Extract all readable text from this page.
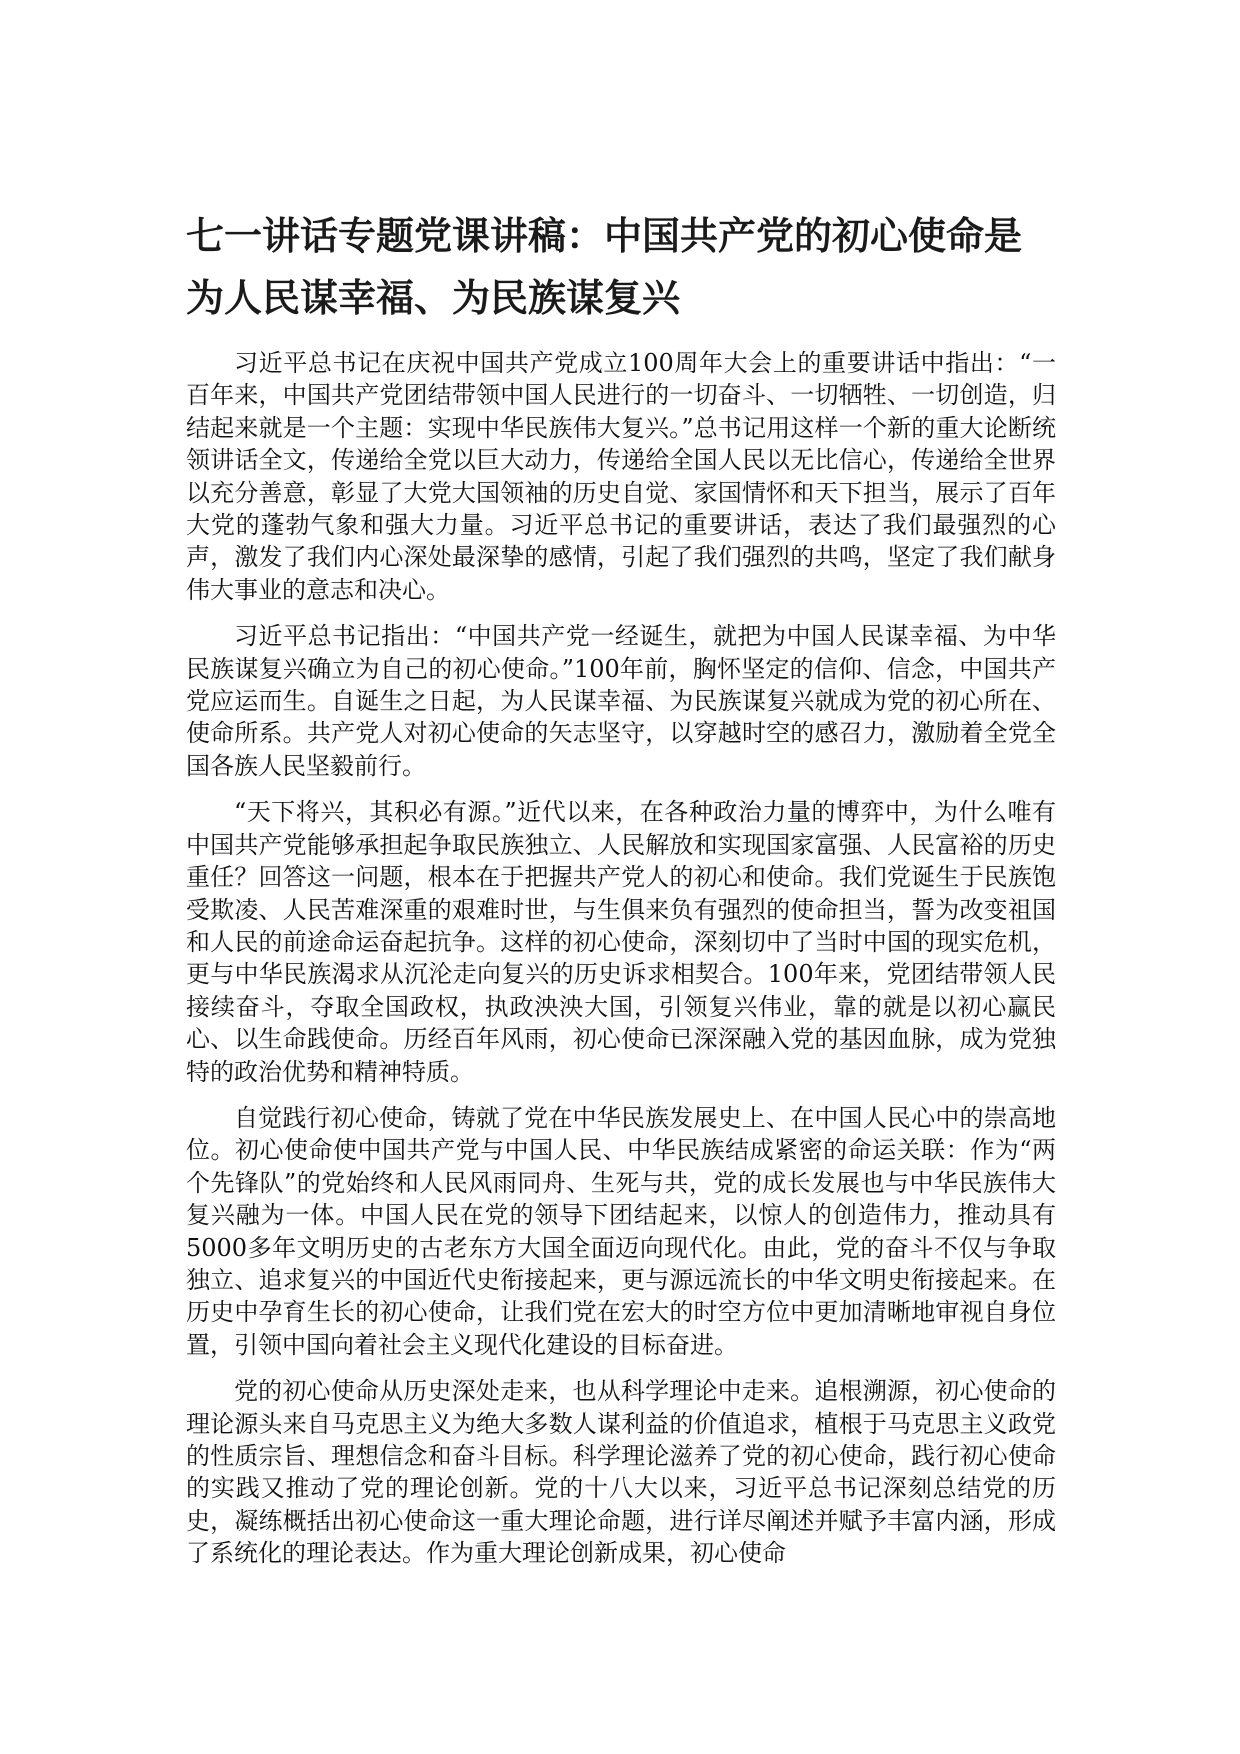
七一讲话专题党课讲稿：中国共产党的初心使命是为人民谋幸福、为民族谋复兴

习近平总书记在庆祝中国共产党成立100周年大会上的重要讲话中指出：“一百年来，中国共产党团结带领中国人民进行的一切奋斗、一切牺牲、一切创造，归结起来就是一个主题：实现中华民族伟大复兴。”总书记用这样一个新的重大论断统领讲话全文，传递给全党以巨大动力，传递给全国人民以无比信心，传递给全世界以充分善意，彰显了大党大国领袖的历史自觉、家国情怀和天下担当，展示了百年大党的蓬勃气象和强大力量。习近平总书记的重要讲话，表达了我们最强烈的心声，激发了我们内心深处最深挚的感情，引起了我们强烈的共鸣，坚定了我们献身伟大事业的意志和决心。

习近平总书记指出：“中国共产党一经诞生，就把为中国人民谋幸福、为中华民族谋复兴确立为自己的初心使命。”100年前，胸怀坚定的信仰、信念，中国共产党应运而生。自诞生之日起，为人民谋幸福、为民族谋复兴就成为党的初心所在、使命所系。共产党人对初心使命的矢志坚守，以穿越时空的感召力，激励着全党全国各族人民坚毅前行。

“天下将兴，其积必有源。”近代以来，在各种政治力量的博弈中，为什么唯有中国共产党能够承担起争取民族独立、人民解放和实现国家富强、人民富裕的历史重任？回答这一问题，根本在于把握共产党人的初心和使命。我们党诞生于民族饱受欺凌、人民苦难深重的艰难时世，与生俱来负有强烈的使命担当，誓为改变祖国和人民的前途命运奋起抗争。这样的初心使命，深刻切中了当时中国的现实危机，更与中华民族渴求从沉沦走向复兴的历史诉求相契合。100年来，党团结带领人民接续奋斗，夺取全国政权，执政泱泱大国，引领复兴伟业，靠的就是以初心赢民心、以生命践使命。历经百年风雨，初心使命已深深融入党的基因血脉，成为党独特的政治优势和精神特质。

自觉践行初心使命，铸就了党在中华民族发展史上、在中国人民心中的崇高地位。初心使命使中国共产党与中国人民、中华民族结成紧密的命运关联：作为“两个先锋队”的党始终和人民风雨同舟、生死与共，党的成长发展也与中华民族伟大复兴融为一体。中国人民在党的领导下团结起来，以惊人的创造伟力，推动具有5000多年文明历史的古老东方大国全面迈向现代化。由此，党的奋斗不仅与争取独立、追求复兴的中国近代史衔接起来，更与源远流长的中华文明史衔接起来。在历史中孕育生长的初心使命，让我们党在宏大的时空方位中更加清晰地审视自身位置，引领中国向着社会主义现代化建设的目标奋进。

党的初心使命从历史深处走来，也从科学理论中走来。追根溯源，初心使命的理论源头来自马克思主义为绝大多数人谋利益的价值追求，植根于马克思主义政党的性质宗旨、理想信念和奋斗目标。科学理论滋养了党的初心使命，践行初心使命的实践又推动了党的理论创新。党的十八大以来，习近平总书记深刻总结党的历史，凝练概括出初心使命这一重大理论命题，进行详尽阐述并赋予丰富内涵，形成了系统化的理论表达。作为重大理论创新成果，初心使命
